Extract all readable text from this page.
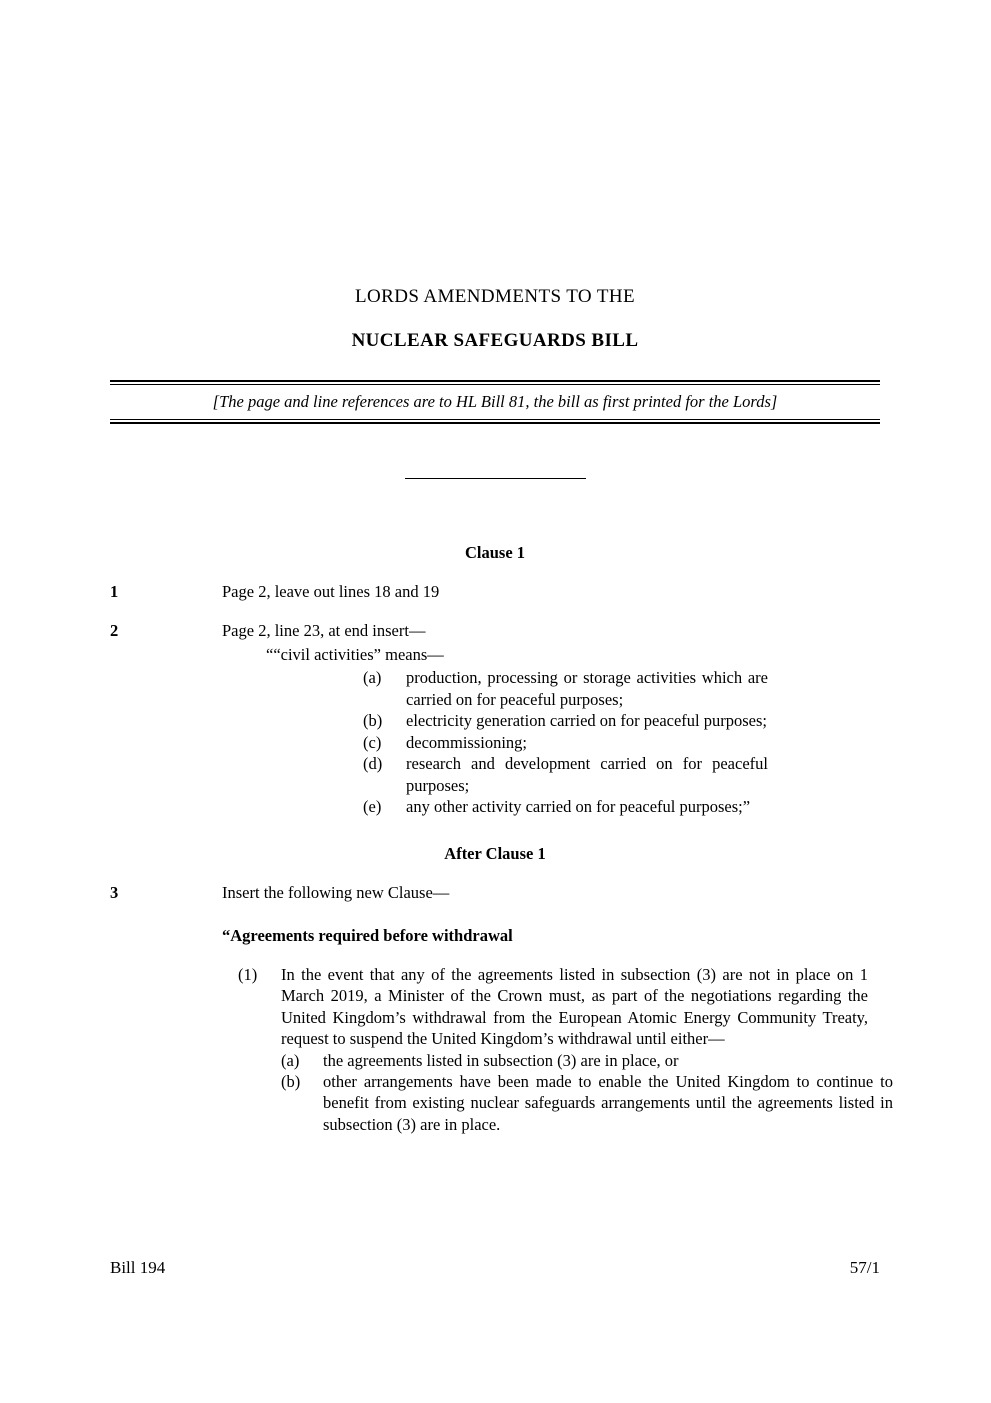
LORDS AMENDMENTS TO THE
NUCLEAR SAFEGUARDS BILL
[The page and line references are to HL Bill 81, the bill as first printed for the Lords]
Clause 1
1	Page 2, leave out lines 18 and 19
2	Page 2, line 23, at end insert—
““civil activities” means—
(a)	production, processing or storage activities which are carried on for peaceful purposes;
(b)	electricity generation carried on for peaceful purposes;
(c)	decommissioning;
(d)	research and development carried on for peaceful purposes;
(e)	any other activity carried on for peaceful purposes;”
After Clause 1
3	Insert the following new Clause—
“Agreements required before withdrawal
(1)	In the event that any of the agreements listed in subsection (3) are not in place on 1 March 2019, a Minister of the Crown must, as part of the negotiations regarding the United Kingdom’s withdrawal from the European Atomic Energy Community Treaty, request to suspend the United Kingdom’s withdrawal until either—

(a)	the agreements listed in subsection (3) are in place, or
(b)	other arrangements have been made to enable the United Kingdom to continue to benefit from existing nuclear safeguards arrangements until the agreements listed in subsection (3) are in place.
Bill 194	57/1
